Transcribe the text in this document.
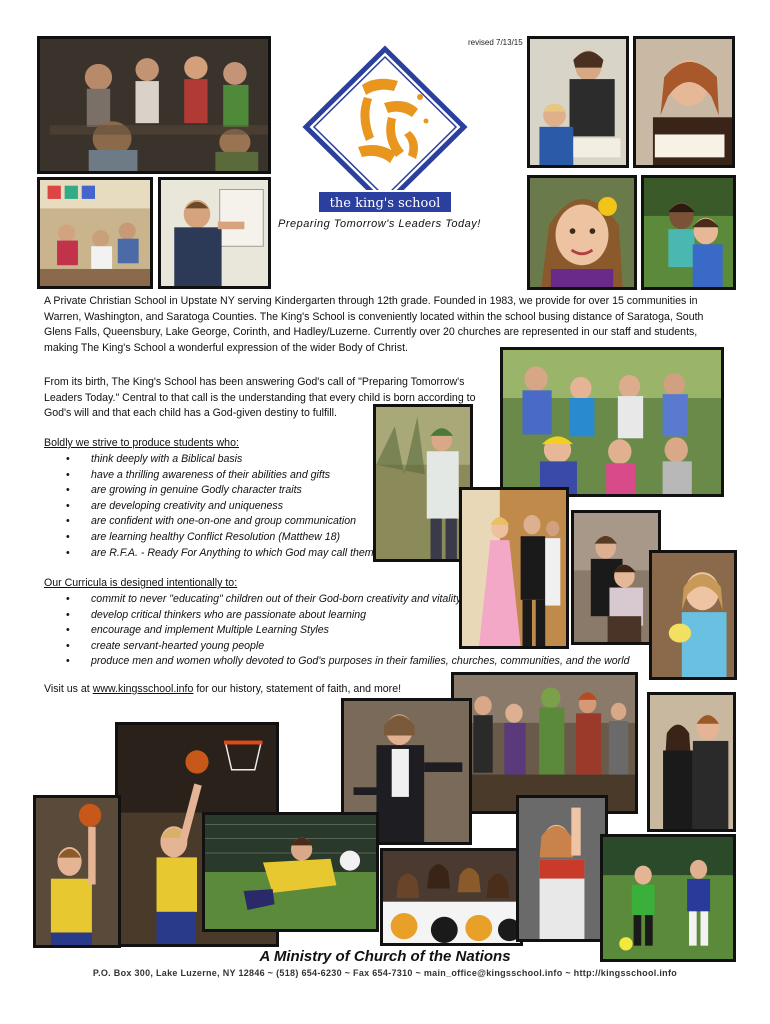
revised 7/13/15
the king's school
Preparing Tomorrow's Leaders Today!
A Private Christian School in Upstate NY serving Kindergarten through 12th grade. Founded in 1983, we provide for over 15 communities in Warren, Washington, and Saratoga Counties. The King's School is conveniently located within the school busing distance of Saratoga, South Glens Falls, Queensbury, Lake George, Corinth, and Hadley/Luzerne. Currently over 20 churches are represented in our staff and students, making The King's School a wonderful expression of the wider Body of Christ.
From its birth, The King's School has been answering God's call of "Preparing Tomorrow's Leaders Today." Central to that call is the understanding that every child is born according to God's will and that each child has a God-given destiny to fulfill.
Boldly we strive to produce students who:
• think deeply with a Biblical basis
• have a thrilling awareness of their abilities and gifts
• are growing in genuine Godly character traits
• are developing creativity and uniqueness
• are confident with one-on-one and group communication
• are learning healthy Conflict Resolution (Matthew 18)
• are R.F.A. - Ready For Anything to which God may call them
Our Curricula is designed intentionally to:
• commit to never "educating" children out of their God-born creativity and vitality
• develop critical thinkers who are passionate about learning
• encourage and implement Multiple Learning Styles
• create servant-hearted young people
• produce men and women wholly devoted to God's purposes in their families, churches, communities, and the world
Visit us at www.kingsschool.info for our history, statement of faith, and more!
A Ministry of Church of the Nations
P.O. Box 300, Lake Luzerne, NY 12846 ~ (518) 654-6230 ~ Fax 654-7310 ~ main_office@kingsschool.info ~ http://kingsschool.info
